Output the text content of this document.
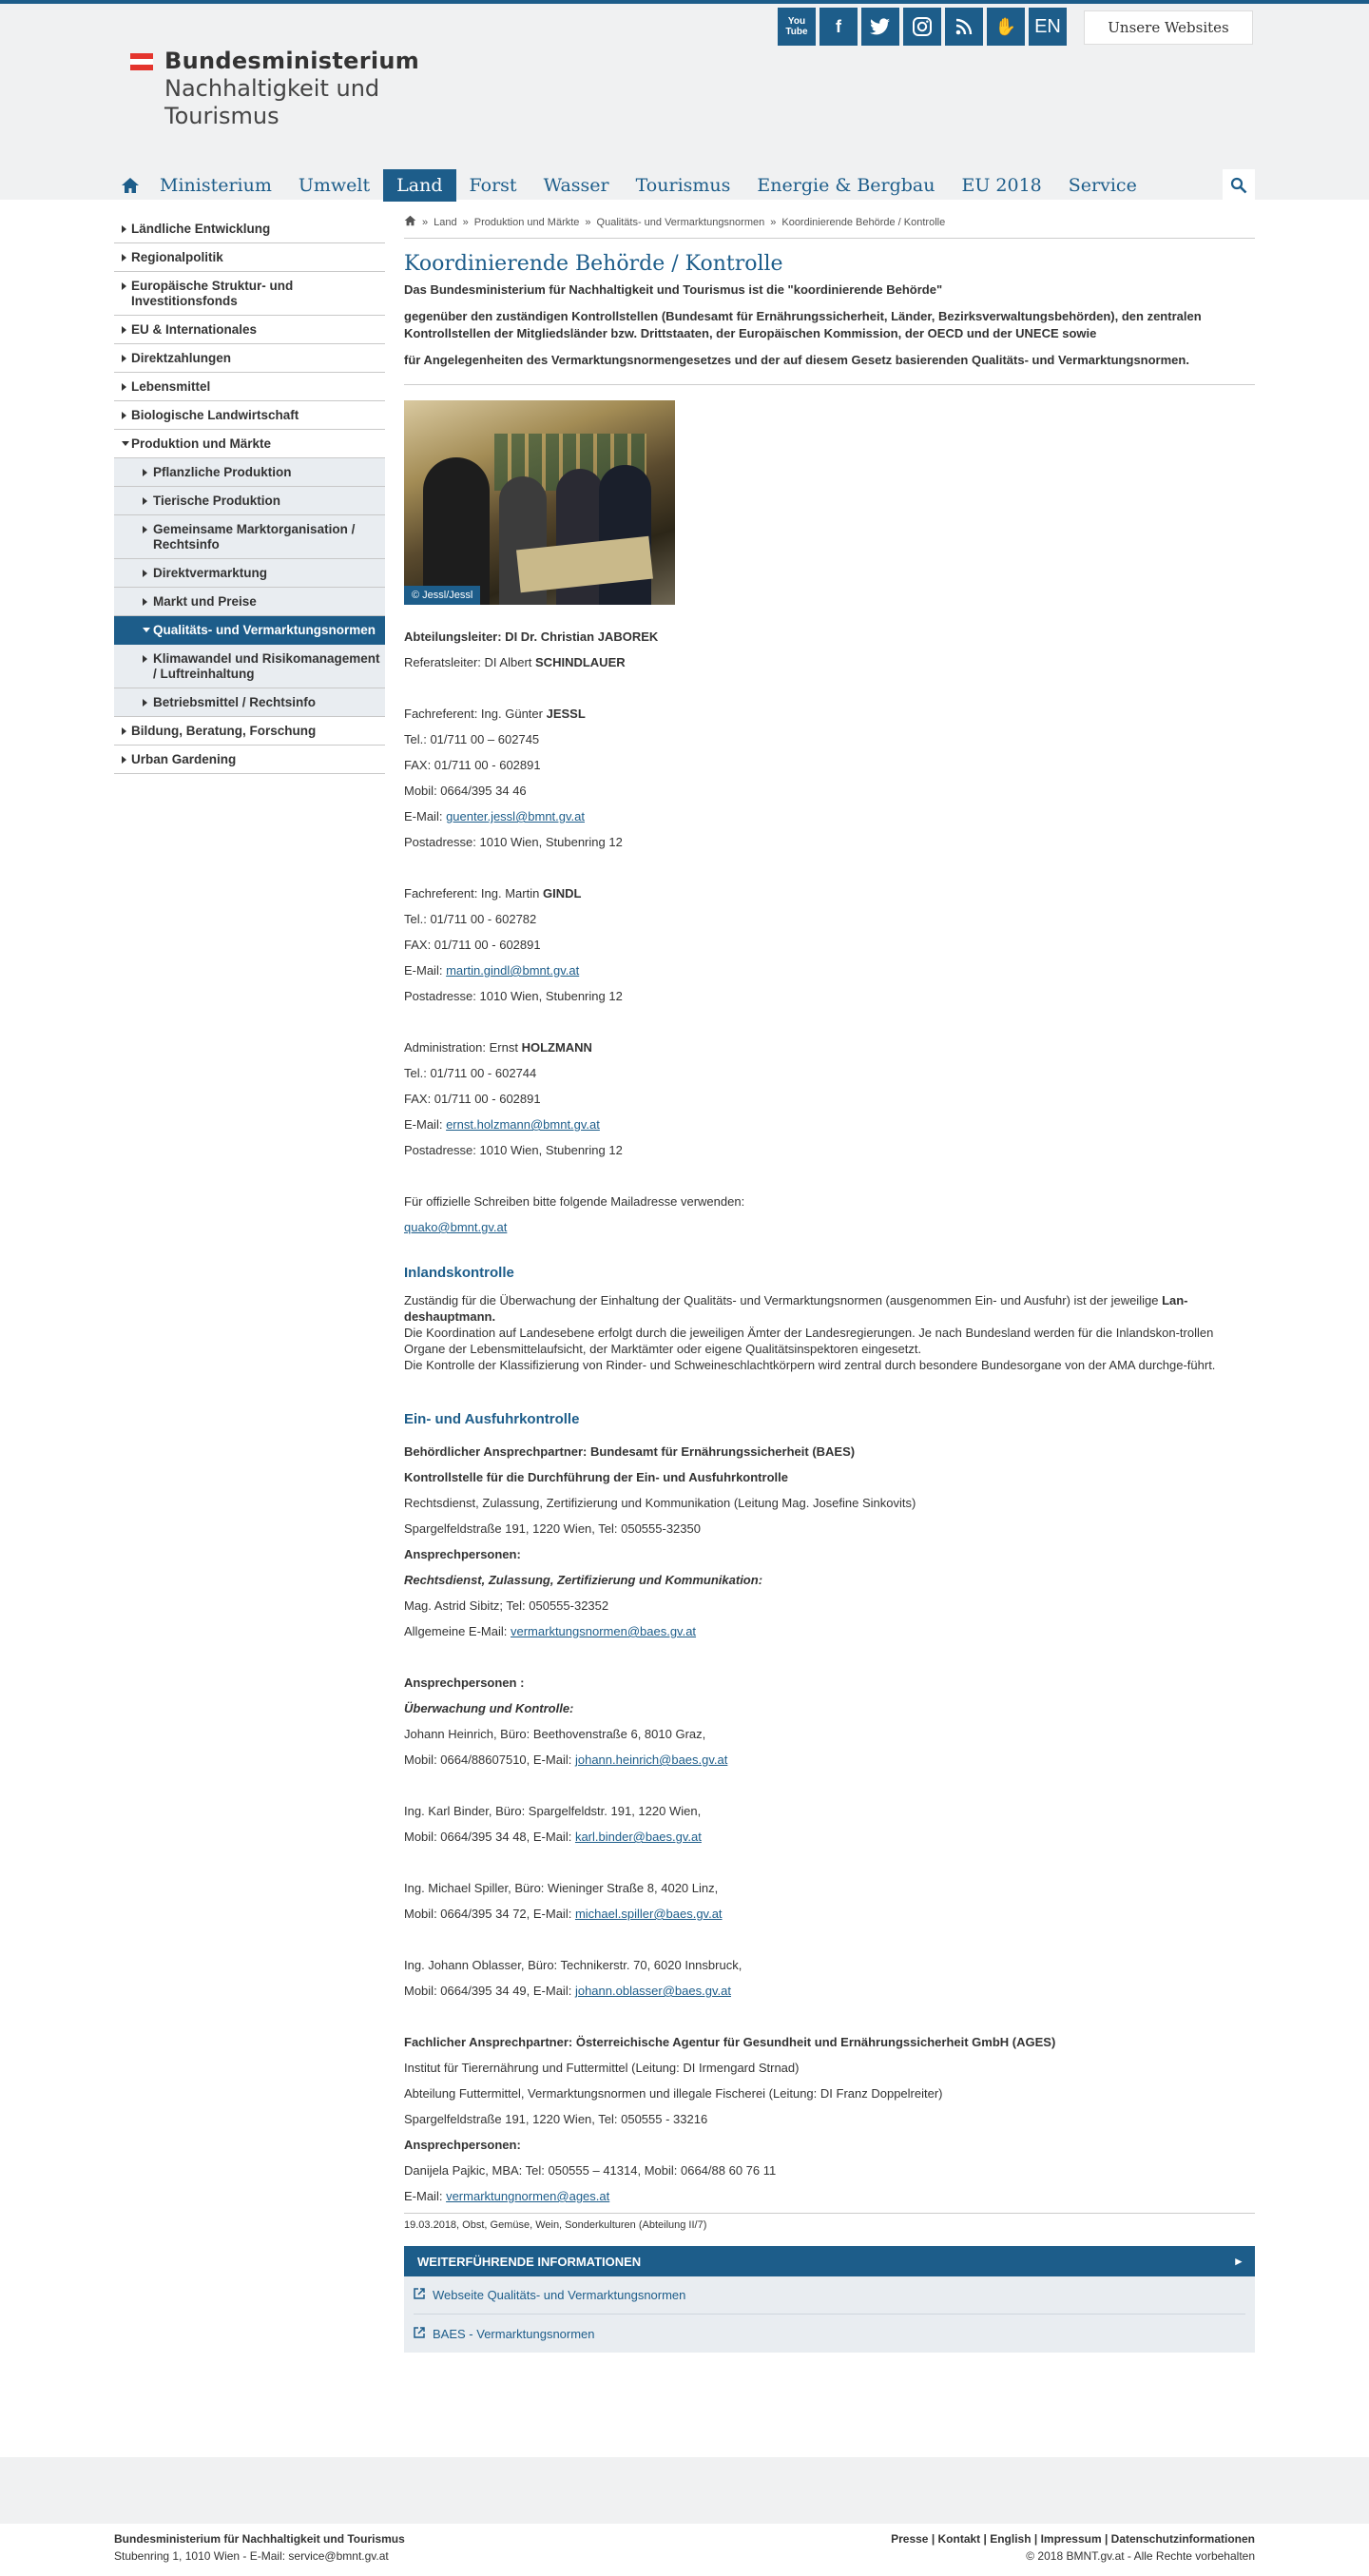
Bundesministerium
Nachhaltigkeit und
Tourismus
You
Tube	f	✋ EN	Unsere Websites
Ministerium	Umwelt	Land	Forst	Wasser	Tourismus	Energie & Bergbau	EU 2018	Service
Ländliche Entwicklung
Regionalpolitik
Europäische Struktur- und Investitionsfonds
EU & Internationales
Direktzahlungen
Lebensmittel
Biologische Landwirtschaft
Produktion und Märkte
Pflanzliche Produktion
Tierische Produktion
Gemeinsame Marktorganisation / Rechtsinfo
Direktvermarktung
Markt und Preise
Qualitäts- und Vermarktungsnormen
Klimawandel und Risikomanagement / Luftreinhaltung
Betriebsmittel / Rechtsinfo
Bildung, Beratung, Forschung
Urban Gardening
» Land » Produktion und Märkte » Qualitäts- und Vermarktungsnormen » Koordinierende Behörde / Kontrolle
Koordinierende Behörde / Kontrolle

Das Bundesministerium für Nachhaltigkeit und Tourismus ist die "koordinierende Behörde"

gegenüber den zuständigen Kontrollstellen (Bundesamt für Ernährungssicherheit, Länder, Bezirksverwaltungsbehörden), den zentralen Kontrollstellen der Mitgliedsländer bzw. Drittstaaten, der Europäischen Kommission, der OECD und der UNECE sowie

für Angelegenheiten des Vermarktungsnormengesetzes und der auf diesem Gesetz basierenden Qualitäts- und Vermarktungsnormen.

© Jessl/Jessl
Abteilungsleiter: DI Dr. Christian JABOREK
Referatsleiter: DI Albert SCHINDLAUER
Fachreferent: Ing. Günter JESSL
Tel.: 01/711 00 – 602745
FAX: 01/711 00 - 602891
Mobil: 0664/395 34 46
E-Mail: guenter.jessl@bmnt.gv.at
Postadresse: 1010 Wien, Stubenring 12
Fachreferent: Ing. Martin GINDL
Tel.: 01/711 00 - 602782
FAX: 01/711 00 - 602891
E-Mail: martin.gindl@bmnt.gv.at
Postadresse: 1010 Wien, Stubenring 12
Administration: Ernst HOLZMANN
Tel.: 01/711 00 - 602744
FAX: 01/711 00 - 602891
E-Mail: ernst.holzmann@bmnt.gv.at
Postadresse: 1010 Wien, Stubenring 12
Für offizielle Schreiben bitte folgende Mailadresse verwenden:
quako@bmnt.gv.at
Inlandskontrolle
Zuständig für die Überwachung der Einhaltung der Qualitäts- und Vermarktungsnormen (ausgenommen Ein- und Ausfuhr) ist der jeweilige Lan-deshauptmann.
Die Koordination auf Landesebene erfolgt durch die jeweiligen Ämter der Landesregierungen. Je nach Bundesland werden für die Inlandskon-trollen Organe der Lebensmittelaufsicht, der Marktämter oder eigene Qualitätsinspektoren eingesetzt.
Die Kontrolle der Klassifizierung von Rinder- und Schweineschlachtkörpern wird zentral durch besondere Bundesorgane von der AMA durchge-führt.
Ein- und Ausfuhrkontrolle
Behördlicher Ansprechpartner: Bundesamt für Ernährungssicherheit (BAES)
Kontrollstelle für die Durchführung der Ein- und Ausfuhrkontrolle
Rechtsdienst, Zulassung, Zertifizierung und Kommunikation (Leitung Mag. Josefine Sinkovits)
Spargelfeldstraße 191, 1220 Wien, Tel: 050555-32350
Ansprechpersonen:
Rechtsdienst, Zulassung, Zertifizierung und Kommunikation:
Mag. Astrid Sibitz; Tel: 050555-32352
Allgemeine E-Mail: vermarktungsnormen@baes.gv.at
Ansprechpersonen :
Überwachung und Kontrolle:
Johann Heinrich, Büro: Beethovenstraße 6, 8010 Graz,
Mobil: 0664/88607510, E-Mail: johann.heinrich@baes.gv.at
Ing. Karl Binder, Büro: Spargelfeldstr. 191, 1220 Wien,
Mobil: 0664/395 34 48, E-Mail: karl.binder@baes.gv.at
Ing. Michael Spiller, Büro: Wieninger Straße 8, 4020 Linz,
Mobil: 0664/395 34 72, E-Mail: michael.spiller@baes.gv.at
Ing. Johann Oblasser, Büro: Technikerstr. 70, 6020 Innsbruck,
Mobil: 0664/395 34 49, E-Mail: johann.oblasser@baes.gv.at
Fachlicher Ansprechpartner: Österreichische Agentur für Gesundheit und Ernährungssicherheit GmbH (AGES)
Institut für Tierernährung und Futtermittel (Leitung: DI Irmengard Strnad)
Abteilung Futtermittel, Vermarktungsnormen und illegale Fischerei (Leitung: DI Franz Doppelreiter)
Spargelfeldstraße 191, 1220 Wien, Tel: 050555 - 33216
Ansprechpersonen:
Danijela Pajkic, MBA: Tel: 050555 – 41314, Mobil: 0664/88 60 76 11
E-Mail: vermarktungnormen@ages.at
19.03.2018, Obst, Gemüse, Wein, Sonderkulturen (Abteilung II/7)
WEITERFÜHRENDE INFORMATIONEN	▸
Webseite Qualitäts- und Vermarktungsnormen
BAES - Vermarktungsnormen
Bundesministerium für Nachhaltigkeit und Tourismus
Stubenring 1, 1010 Wien - E-Mail: service@bmnt.gv.at
Presse | Kontakt | English | Impressum | Datenschutzinformationen
© 2018 BMNT.gv.at - Alle Rechte vorbehalten
